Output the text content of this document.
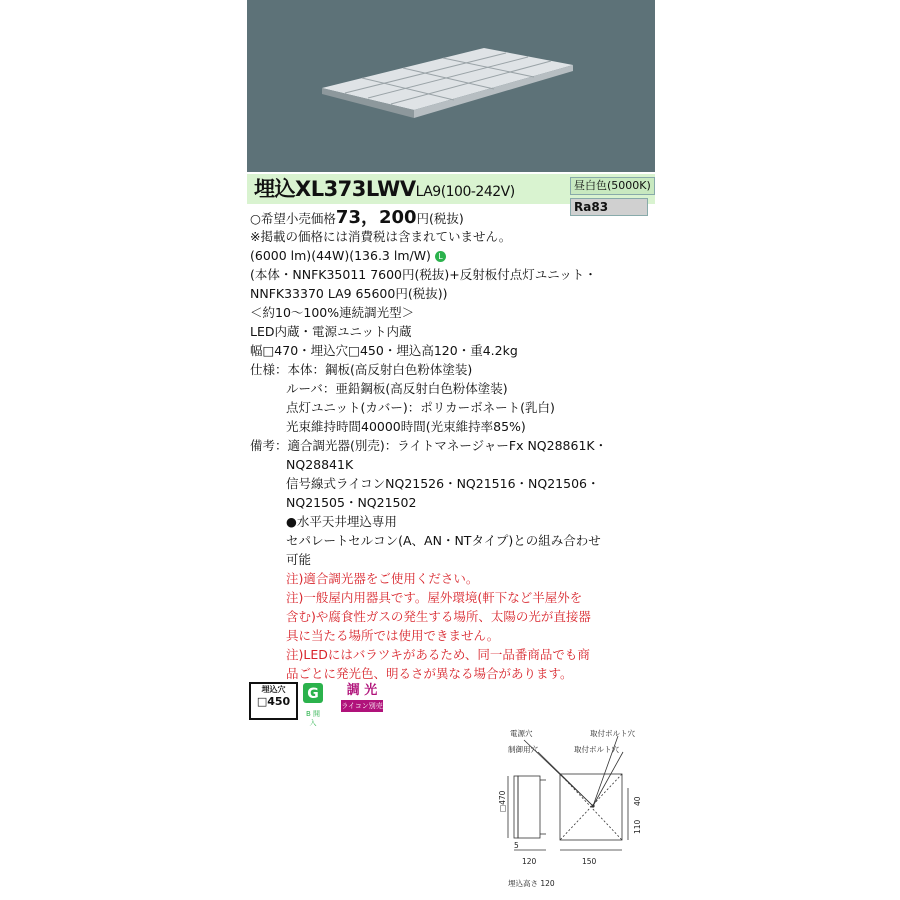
埋込XL373LWVLA9(100-242V)	昼白色(5000K)
Ra83
○希望小売価格73，200円(税抜)
※掲載の価格には消費税は含まれていません。
(6000 lm)(44W)(136.3 lm/W) L
(本体・NNFK35011 7600円(税抜)+反射板付点灯ユニット・
NNFK33370 LA9 65600円(税抜))
＜約10～100%連続調光型＞
LED内蔵・電源ユニット内蔵
幅□470・埋込穴□450・埋込高120・重4.2kg
仕様：本体：鋼板(高反射白色粉体塗装)
ルーバ：亜鉛鋼板(高反射白色粉体塗装)
点灯ユニット(カバー)：ポリカーボネート(乳白)
光束維持時間40000時間(光束維持率85%)
備考：適合調光器(別売)：ライトマネージャーFx NQ28861K・
NQ28841K
信号線式ライコンNQ21526・NQ21516・NQ21506・
NQ21505・NQ21502
●水平天井埋込専用
セパレートセルコン(A、AN・NTタイプ)との組み合わせ
可能
注)適合調光器をご使用ください。
注)一般屋内用器具です。屋外環境(軒下など半屋外を
含む)や腐食性ガスの発生する場所、太陽の光が直接器
具に当たる場所では使用できません。
注)LEDにはバラツキがあるため、同一品番商品でも商
品ごとに発光色、明るさが異なる場合があります。
埋込穴
□450	G
B 開 入
調 光
ライコン別売
電源穴	取付ボルト穴
制御用穴	取付ボルト穴
□470
5
120	150
110
40
埋込高さ 120
